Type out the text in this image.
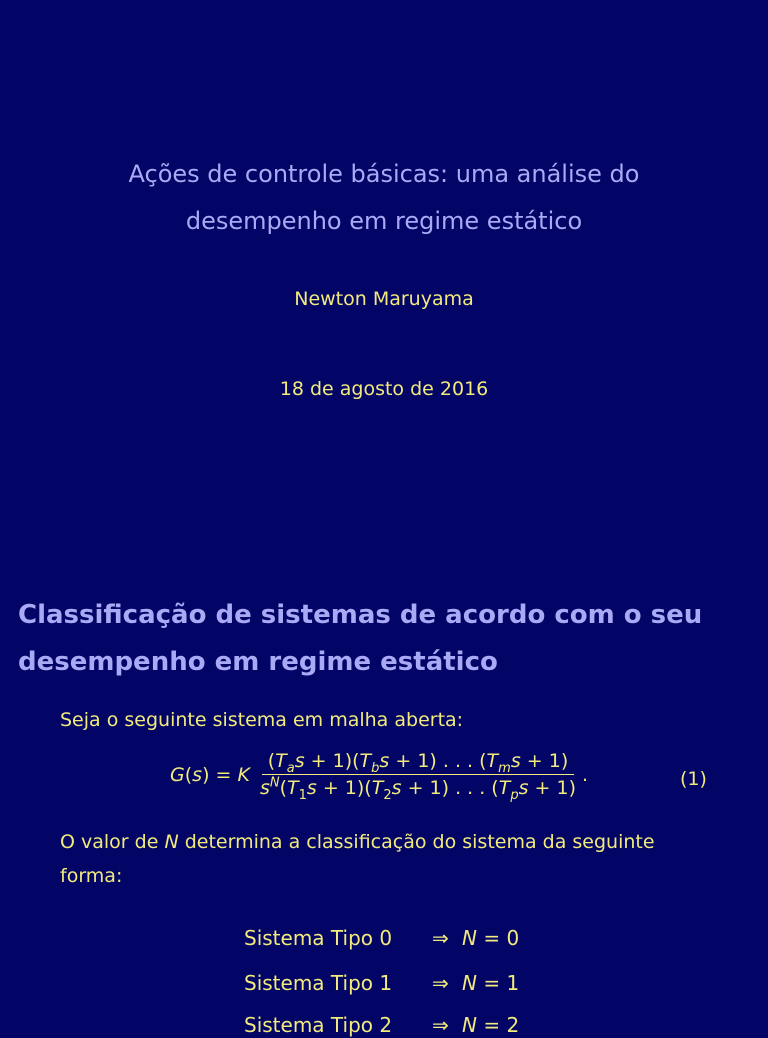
Ações de controle básicas: uma análise do
desempenho em regime estático
Newton Maruyama
18 de agosto de 2016
Classificação de sistemas de acordo com o seu
desempenho em regime estático
Seja o seguinte sistema em malha aberta:
G(s) = K $\frac{(T_as + 1)(T_bs + 1) . . . (T_ms + 1)}{s^N(T_1s + 1)(T_2s + 1) . . . (T_ps + 1)}$ .	(1)
O valor de N determina a classificação do sistema da seguinte
forma:
Sistema Tipo 0 ⇒ N = 0
Sistema Tipo 1 ⇒ N = 1
Sistema Tipo 2 ⇒ N = 2
